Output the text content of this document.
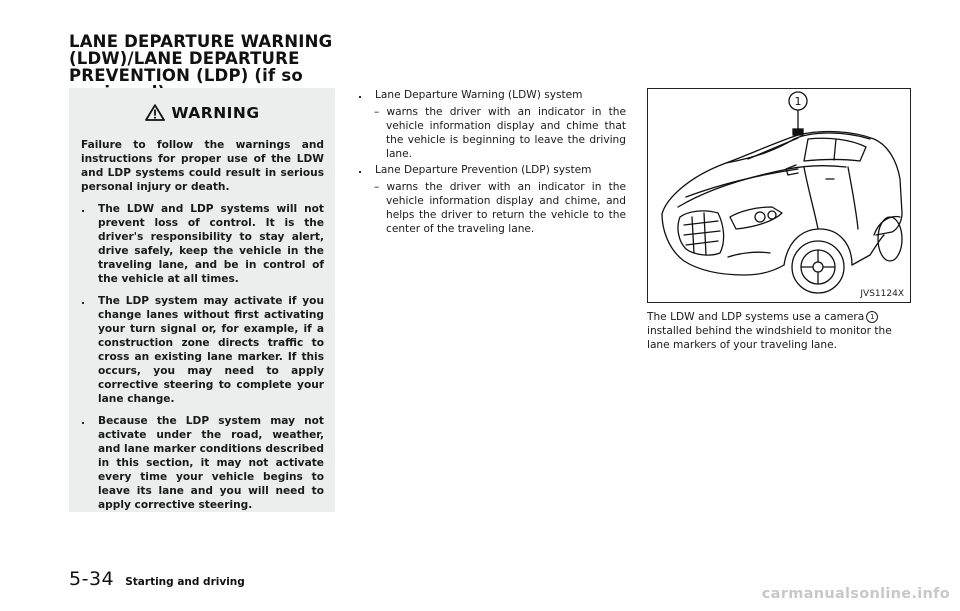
LANE DEPARTURE WARNING
(LDW)/LANE DEPARTURE
PREVENTION (LDP) (if so
WARNING
Failure to follow the warnings and instructions for proper use of the LDW and LDP systems could result in serious personal injury or death.
. The LDW and LDP systems will not prevent loss of control. It is the driver's responsibility to stay alert, drive safely, keep the vehicle in the traveling lane, and be in control of the vehicle at all times.
. The LDP system may activate if you change lanes without first activating your turn signal or, for example, if a construction zone directs traffic to cross an existing lane marker. If this occurs, you may need to apply corrective steering to complete your lane change.
. Because the LDP system may not activate under the road, weather, and lane marker conditions described in this section, it may not activate every time your vehicle begins to leave its lane and you will need to apply corrective steering.
. Lane Departure Warning (LDW) system
– warns the driver with an indicator in the vehicle information display and chime that the vehicle is beginning to leave the driving lane.
. Lane Departure Prevention (LDP) system
– warns the driver with an indicator in the vehicle information display and chime, and helps the driver to return the vehicle to the center of the traveling lane.
1
JVS1124X
The LDW and LDP systems use a camera 1 installed behind the windshield to monitor the lane markers of your traveling lane.
5-34 Starting and driving
carmanualsonline.info
